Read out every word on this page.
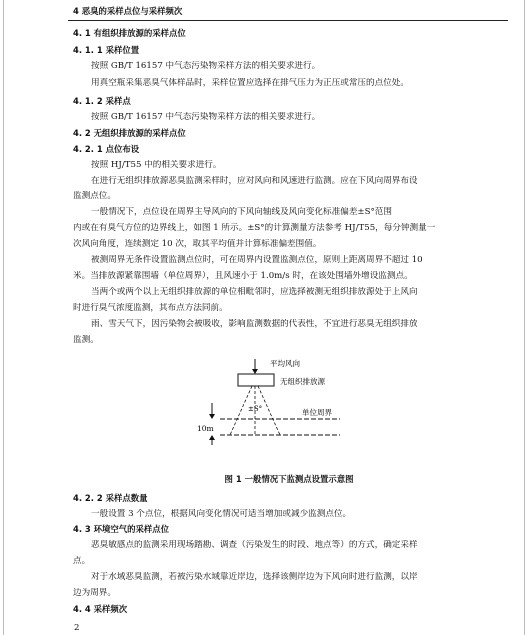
4 恶臭的采样点位与采样频次
4. 1 有组织排放源的采样点位
4. 1. 1 采样位置
按照 GB/T 16157 中气态污染物采样方法的相关要求进行。
用真空瓶采集恶臭气体样品时，采样位置应选择在排气压力为正压或常压的点位处。
4. 1. 2 采样点
按照 GB/T 16157 中气态污染物采样方法的相关要求进行。
4. 2 无组织排放源的采样点位
4. 2. 1 点位布设
按照 HJ/T55 中的相关要求进行。
在进行无组织排放源恶臭监测采样时，应对风向和风速进行监测。应在下风向周界布设
监测点位。
一般情况下，点位设在周界主导风向的下风向轴线及风向变化标准偏差±S°范围
内或在有臭气方位的边界线上，如图 1 所示。±S°的计算测量方法参考 HJ/T55，每分钟测量一
次风向角度，连续测定 10 次，取其平均值并计算标准偏差围值。
被测周界无条件设置监测点位时，可在周界内设置监测点位，原则上距离周界不超过 10
米。当排放源紧靠围墙（单位周界），且风速小于 1.0m/s 时，在该处围墙外增设监测点。
当两个或两个以上无组织排放源的单位相毗邻时，应选择被测无组织排放源处于上风向
时进行臭气浓度监测，其布点方法同前。
雨、雪天气下，因污染物会被吸收，影响监测数据的代表性，不宜进行恶臭无组织排放
监测。
平均风向
无组织排放源
±S°	单位周界
10m
图 1 一般情况下监测点设置示意图
4. 2. 2 采样点数量
一般设置 3 个点位，根据风向变化情况可适当增加或减少监测点位。
4. 3 环境空气的采样点位
恶臭敏感点的监测采用现场踏勘、调查（污染发生的时段、地点等）的方式，确定采样
点。
对于水域恶臭监测，若被污染水域靠近岸边，选择该侧岸边为下风向时进行监测，以岸
边为周界。
4. 4 采样频次
2
